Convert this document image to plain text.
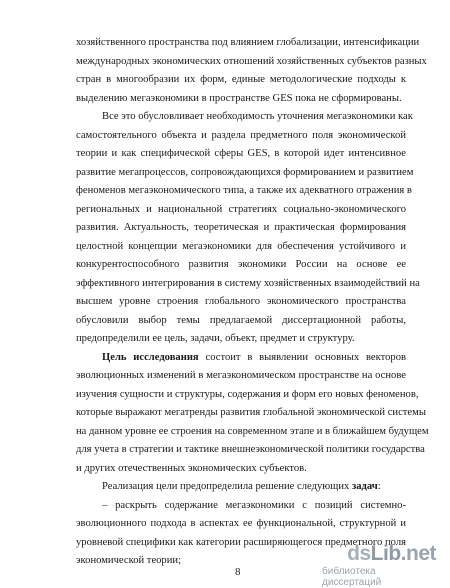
хозяйственного пространства под влиянием глобализации, интенсификации
международных экономических отношений хозяйственных субъектов разных
стран в многообразии их форм, единые методологические подходы к
выделению мегаэкономики в пространстве GES пока не сформированы.
Все это обусловливает необходимость уточнения мегаэкономики как
самостоятельного объекта и раздела предметного поля экономической
теории и как специфической сферы GES, в которой идет интенсивное
развитие мегапроцессов, сопровождающихся формированием и развитием
феноменов мегаэкономического типа, а также их адекватного отражения в
региональных и национальной стратегиях социально-экономического
развития. Актуальность, теоретическая и практическая формирования
целостной концепции мегаэкономики для обеспечения устойчивого и
конкурентоспособного развития экономики России на основе ее
эффективного интегрирования в систему хозяйственных взаимодействий на
высшем уровне строения глобального экономического пространства
обусловили выбор темы предлагаемой диссертационной работы,
предопределили ее цель, задачи, объект, предмет и структуру.
Цель исследования состоит в выявлении основных векторов
эволюционных изменений в мегаэкономическом пространстве на основе
изучения сущности и структуры, содержания и форм его новых феноменов,
которые выражают мегатренды развития глобальной экономической системы
на данном уровне ее строения на современном этапе и в ближайшем будущем
для учета в стратегии и тактике внешнеэкономической политики государства
и других отечественных экономических субъектов.
Реализация цели предопределила решение следующих задач:
– раскрыть содержание мегаэкономики с позиций системно-
эволюционного подхода в аспектах ее функциональной, структурной и
уровневой специфики как категории расширяющегося предметного поля
экономической теории;
8
dsLib.net
библиотека диссертаций
